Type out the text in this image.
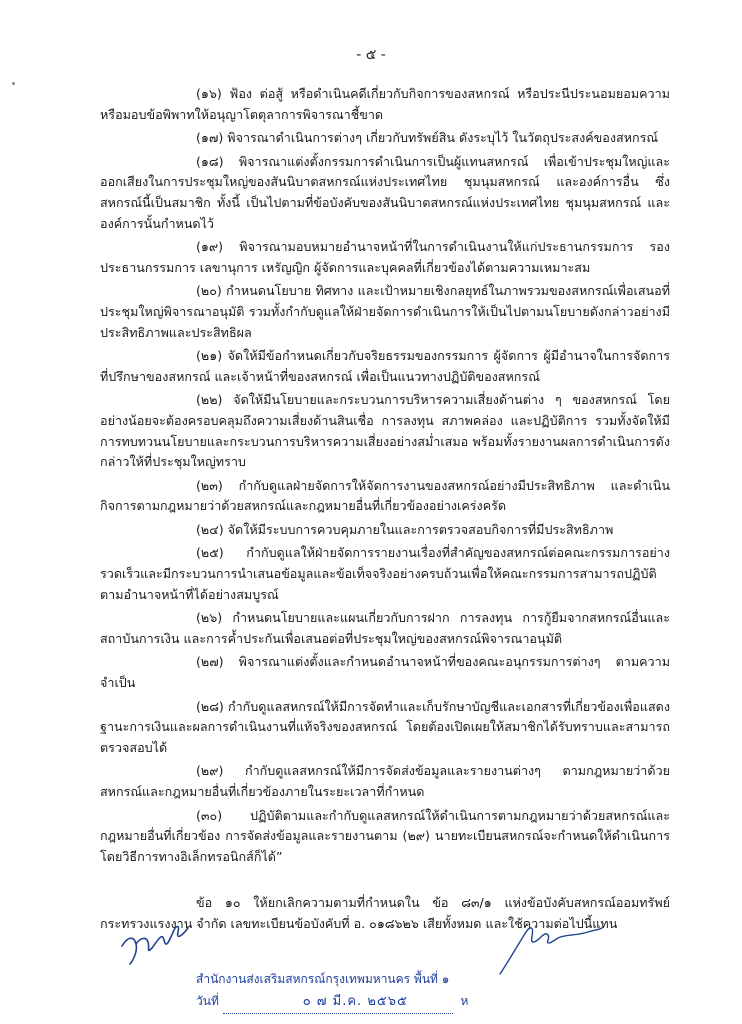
- ๕ -

(๑๖) ฟ้อง ต่อสู้ หรือดำเนินคดีเกี่ยวกับกิจการของสหกรณ์ หรือประนีประนอมยอมความหรือมอบข้อพิพาทให้อนุญาโตตุลาการพิจารณาชี้ขาด

(๑๗) พิจารณาดำเนินการต่างๆ เกี่ยวกับทรัพย์สิน ดังระบุไว้ ในวัตถุประสงค์ของสหกรณ์

(๑๘) พิจารณาแต่งตั้งกรรมการดำเนินการเป็นผู้แทนสหกรณ์ เพื่อเข้าประชุมใหญ่และออกเสียงในการประชุมใหญ่ของสันนิบาตสหกรณ์แห่งประเทศไทย ชุมนุมสหกรณ์ และองค์การอื่น ซึ่งสหกรณ์นี้เป็นสมาชิก ทั้งนี้ เป็นไปตามที่ข้อบังคับของสันนิบาตสหกรณ์แห่งประเทศไทย ชุมนุมสหกรณ์ และองค์การนั้นกำหนดไว้

(๑๙) พิจารณามอบหมายอำนาจหน้าที่ในการดำเนินงานให้แก่ประธานกรรมการ รองประธานกรรมการ เลขานุการ เหรัญญิก ผู้จัดการและบุคคลที่เกี่ยวข้องได้ตามความเหมาะสม

(๒๐) กำหนดนโยบาย ทิศทาง และเป้าหมายเชิงกลยุทธ์ในภาพรวมของสหกรณ์เพื่อเสนอที่ประชุมใหญ่พิจารณาอนุมัติ รวมทั้งกำกับดูแลให้ฝ่ายจัดการดำเนินการให้เป็นไปตามนโยบายดังกล่าวอย่างมีประสิทธิภาพและประสิทธิผล

(๒๑) จัดให้มีข้อกำหนดเกี่ยวกับจริยธรรมของกรรมการ ผู้จัดการ ผู้มีอำนาจในการจัดการที่ปรึกษาของสหกรณ์ และเจ้าหน้าที่ของสหกรณ์ เพื่อเป็นแนวทางปฏิบัติของสหกรณ์

(๒๒) จัดให้มีนโยบายและกระบวนการบริหารความเสี่ยงด้านต่าง ๆ ของสหกรณ์ โดยอย่างน้อยจะต้องครอบคลุมถึงความเสี่ยงด้านสินเชื่อ การลงทุน สภาพคล่อง และปฏิบัติการ รวมทั้งจัดให้มีการทบทวนนโยบายและกระบวนการบริหารความเสี่ยงอย่างสม่ำเสมอ พร้อมทั้งรายงานผลการดำเนินการดังกล่าวให้ที่ประชุมใหญ่ทราบ

(๒๓) กำกับดูแลฝ่ายจัดการให้จัดการงานของสหกรณ์อย่างมีประสิทธิภาพ และดำเนินกิจการตามกฎหมายว่าด้วยสหกรณ์และกฎหมายอื่นที่เกี่ยวข้องอย่างเคร่งครัด

(๒๔) จัดให้มีระบบการควบคุมภายในและการตรวจสอบกิจการที่มีประสิทธิภาพ

(๒๕) กำกับดูแลให้ฝ่ายจัดการรายงานเรื่องที่สำคัญของสหกรณ์ต่อคณะกรรมการอย่างรวดเร็วและมีกระบวนการนำเสนอข้อมูลและข้อเท็จจริงอย่างครบถ้วนเพื่อให้คณะกรรมการสามารถปฏิบัติตามอำนาจหน้าที่ได้อย่างสมบูรณ์

(๒๖) กำหนดนโยบายและแผนเกี่ยวกับการฝาก การลงทุน การกู้ยืมจากสหกรณ์อื่นและสถาบันการเงิน และการค้ำประกันเพื่อเสนอต่อที่ประชุมใหญ่ของสหกรณ์พิจารณาอนุมัติ

(๒๗) พิจารณาแต่งตั้งและกำหนดอำนาจหน้าที่ของคณะอนุกรรมการต่างๆ ตามความจำเป็น

(๒๘) กำกับดูแลสหกรณ์ให้มีการจัดทำและเก็บรักษาบัญชีและเอกสารที่เกี่ยวข้องเพื่อแสดงฐานะการเงินและผลการดำเนินงานที่แท้จริงของสหกรณ์ โดยต้องเปิดเผยให้สมาชิกได้รับทราบและสามารถตรวจสอบได้

(๒๙) กำกับดูแลสหกรณ์ให้มีการจัดส่งข้อมูลและรายงานต่างๆ ตามกฎหมายว่าด้วยสหกรณ์และกฎหมายอื่นที่เกี่ยวข้องภายในระยะเวลาที่กำหนด

(๓๐) ปฏิบัติตามและกำกับดูแลสหกรณ์ให้ดำเนินการตามกฎหมายว่าด้วยสหกรณ์และกฎหมายอื่นที่เกี่ยวข้อง การจัดส่งข้อมูลและรายงานตาม (๒๙) นายทะเบียนสหกรณ์จะกำหนดให้ดำเนินการโดยวิธีการทางอิเล็กทรอนิกส์ก็ได้”

ข้อ ๑๐ ให้ยกเลิกความตามที่กำหนดใน ข้อ ๘๓/๑ แห่งข้อบังคับสหกรณ์ออมทรัพย์กระทรวงแรงงาน จำกัด เลขทะเบียนข้อบังคับที่ อ. ๐๑๘๖๒๖ เสียทั้งหมด และใช้ความต่อไปนี้แทน

สำนักงานส่งเสริมสหกรณ์กรุงเทพมหานคร พื้นที่ ๑
วันที่	๐ ๗ มี.ค. ๒๕๖๕	ห
